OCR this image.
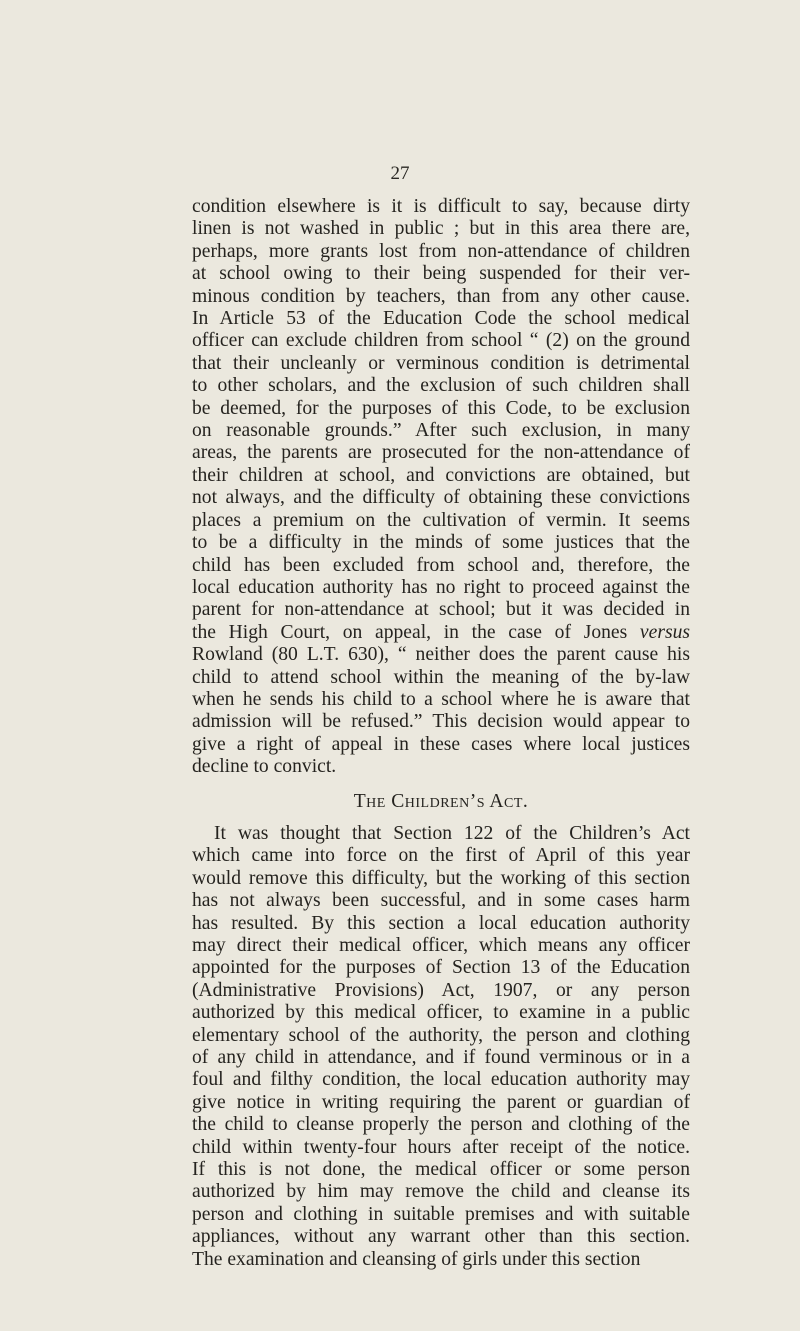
27

condition elsewhere is it is difficult to say, because dirty
linen is not washed in public ; but in this area there are,
perhaps, more grants lost from non-attendance of children
at school owing to their being suspended for their ver-
minous condition by teachers, than from any other cause.
In Article 53 of the Education Code the school medical
officer can exclude children from school “ (2) on the ground
that their uncleanly or verminous condition is detrimental
to other scholars, and the exclusion of such children shall
be deemed, for the purposes of this Code, to be exclusion
on reasonable grounds.” After such exclusion, in many
areas, the parents are prosecuted for the non-attendance of
their children at school, and convictions are obtained, but
not always, and the difficulty of obtaining these convictions
places a premium on the cultivation of vermin. It seems
to be a difficulty in the minds of some justices that the
child has been excluded from school and, therefore, the
local education authority has no right to proceed against the
parent for non-attendance at school; but it was decided in
the High Court, on appeal, in the case of Jones versus
Rowland (80 L.T. 630), “ neither does the parent cause his
child to attend school within the meaning of the by-law
when he sends his child to a school where he is aware that
admission will be refused.” This decision would appear to
give a right of appeal in these cases where local justices
decline to convict.

The Children’s Act.

It was thought that Section 122 of the Children’s Act
which came into force on the first of April of this year
would remove this difficulty, but the working of this section
has not always been successful, and in some cases harm
has resulted. By this section a local education authority
may direct their medical officer, which means any officer
appointed for the purposes of Section 13 of the Education
(Administrative Provisions) Act, 1907, or any person
authorized by this medical officer, to examine in a public
elementary school of the authority, the person and clothing
of any child in attendance, and if found verminous or in a
foul and filthy condition, the local education authority may
give notice in writing requiring the parent or guardian of
the child to cleanse properly the person and clothing of the
child within twenty-four hours after receipt of the notice.
If this is not done, the medical officer or some person
authorized by him may remove the child and cleanse its
person and clothing in suitable premises and with suitable
appliances, without any warrant other than this section.
The examination and cleansing of girls under this section
